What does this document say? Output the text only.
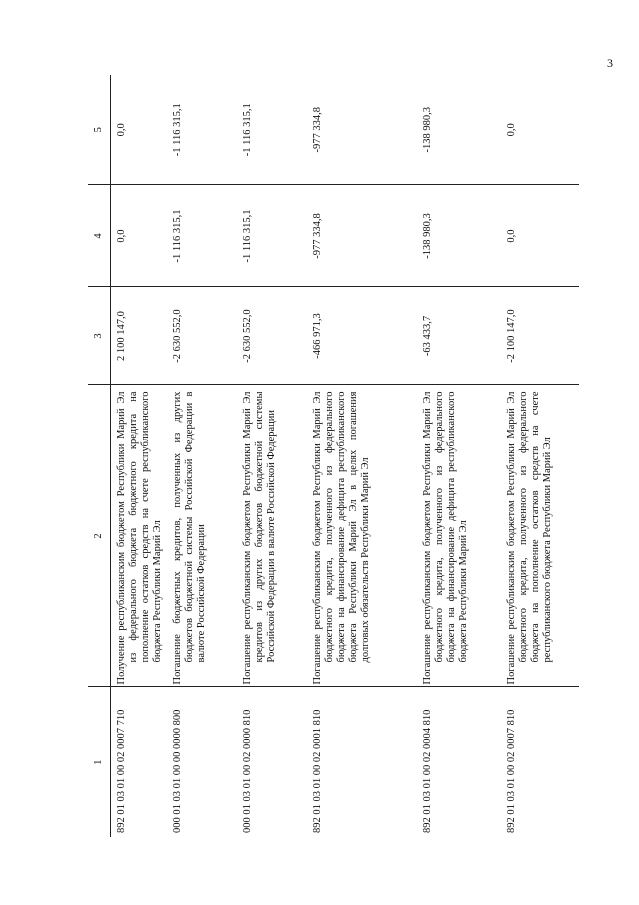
3
1	2	3	4	5
892 01 03 01 00 02 0007 710	Получение республиканским бюджетом Республики Марий Эл из федерального бюджета бюджетного кредита на пополнение остатков средств на счете республиканского бюджета Республики Марий Эл	2 100 147,0	0,0	0,0
000 01 03 01 00 00 0000 800	Погашение бюджетных кредитов, полученных из других бюджетов бюджетной системы Российской Федерации в валюте Российской Федерации	-2 630 552,0	-1 116 315,1	-1 116 315,1
000 01 03 01 00 02 0000 810	Погашение республиканским бюджетом Республики Марий Эл кредитов из других бюджетов бюджетной системы Российской Федерации в валюте Российской Федерации	-2 630 552,0	-1 116 315,1	-1 116 315,1
892 01 03 01 00 02 0001 810	Погашение республиканским бюджетом Республики Марий Эл бюджетного кредита, полученного из федерального бюджета на финансирование дефицита республиканского бюджета Республики Марий Эл в целях погашения долговых обязательств Республики Марий Эл	-466 971,3	-977 334,8	-977 334,8
892 01 03 01 00 02 0004 810	Погашение республиканским бюджетом Республики Марий Эл бюджетного кредита, полученного из федерального бюджета на финансирование дефицита республиканского бюджета Республики Марий Эл	-63 433,7	-138 980,3	-138 980,3
892 01 03 01 00 02 0007 810	Погашение республиканским бюджетом Республики Марий Эл бюджетного кредита, полученного из федерального бюджета на пополнение остатков средств на счете республиканского бюджета Республики Марий Эл	-2 100 147,0	0,0	0,0
